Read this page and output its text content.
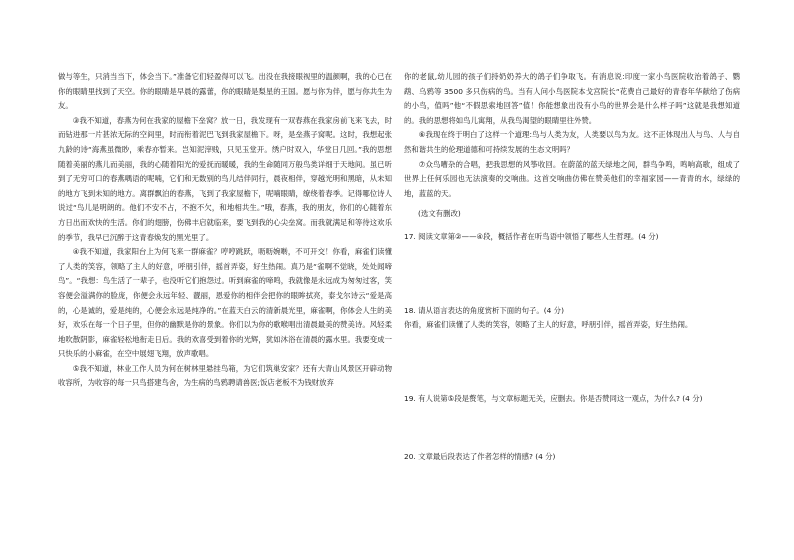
做与等生，只消当当下，体会当下。”准备它们轻盈得可以飞。出没在我接眼视里的温颜啊，我的心已在你的眼睛里找到了天空。你的眼睛是早晨的露蕾，你的眼睛是梨星的王国。愿与你为伴，愿与你共生为友。

③我不知道，春燕为何在我家的屋檐下垒窝？放一日，我发现有一双春燕在我家房前飞来飞去，时而钻进那一片甚浓无际的空间里，时而衔着泥巴飞到我家屋檐下。呀，是垒燕子窝呢。这时，我想起张九龄的诗“海燕虽微眇，乘春亦暂来。岂知泥滓贱，只见玉堂开。绣户时双入，华堂日几回。”我的思想随着美丽的燕儿而美丽，我的心随着阳光的爱抚而暖暖，我的生命随同万般鸟类详细于天地间。虽已听到了无穷可口的春燕喁语的呢喃，它们和无数别的鸟儿结伴同行，晨夜相伴，穿越光明和黑暗，从未知的地方飞到未知的地方。离群飘泊的春燕，飞到了我家屋檐下，呢喃眼睛，缭绕着春季。记得哪位诗人说过“鸟儿是明朗的。他们不安不占，不抱不欠，和地相共生。”哦，春燕，我的朋友，你们的心随着东方日出而欢快的生活。你们的翅膀，伤佛丰启就临来，要飞到我的心尖垒窝。而我就满足和等待这欢乐的季节，我早已沉醉于这青春焕发的黑光里了。

④我不知道，我家阳台上为何飞来一群麻雀？哼哼跳跃，呖呖婉啭，不可开交！你看，麻雀们读懂了人类的笑容，领略了主人的好意，呼朋引伴，摇首弄姿，好生热闹。真乃是“雀啊不觉晓，处处闻啼鸟”。“我想：鸟生活了一辈子，也没听它们抱怨过。听到麻雀的啼鸣，我就像是永远成为匆匆过客，笑容便会溢满你的脸庞，你便会永远年轻、靓丽，恩爱你的相伴会把你的眼眸拭亮，泰戈尔诗云“爱是高的，心是诚的，爱是纯的，心便会永远是纯净的。”在蓝天白云的清新晨光里，麻雀啊，你体会人生的美好，欢乐在每一个日子里，但你的幽默是你的景象。你们以为你的歌喉唱出清晨最美的赞美诗。风轻柔地吹散阴影，麻雀轻松地衔走日后。我的欢喜受到着你的光辉，犹如沐浴在清晨的露水里。我要变成一只快乐的小麻雀，在空中展翅飞翔，放声歌唱。

⑤我不知道，林业工作人员为何在树林里悬挂鸟箱，为它们筑巢安家？还有大青山风景区开辟动物收容所，为收容的每一只鸟搭建鸟舍，为生病的鸟鸦聘请兽医;饭店老板不为钱财放弃

你的老鼠,幼儿园的孩子们持奶奶养大的鸽子们争取飞。有消息说:印度一家小鸟医院收治着鸽子、鹦鹉、乌鸦等 3500 多只伤病的鸟。当有人问小鸟医院本戈宫院长“花费自己最好的青春年华献给了伤病的小鸟，值吗”他“不假思索地回答”值！你能想象出没有小鸟的世界会是什么样子吗”这就是我想知道的。我的思想将如鸟儿寓翔，从我鸟渴望的眼睛里往外赞。

⑥我现在终于明白了这样一个道理:鸟与人类为友，人类要以鸟为友。这不正体现出人与鸟、人与自然和谐共生的伦理道德和可持续发展的生态文明吗？

⑦众鸟嘈杂的合唱，把我思想的风筝收回。在蔚蓝的蓝天绿地之间，群鸟争鸣，鸣响高歌，组成了世界上任何乐园也无法演奏的交响曲。这首交响曲仿佛在赞美他们的幸福家园——青青的水，绿绿的地，蓝蓝的天。

(选文有删改)

17. 阅读文章第②——④段，概括作者在听鸟语中领悟了哪些人生哲理。(4 分)

18. 请从语言表达的角度赏析下面的句子。(4 分)

你看，麻雀们读懂了人类的笑容，领略了主人的好意，呼朋引伴，摇首弄姿，好生热闹。

19. 有人说第⑤段是赘笔，与文章标题无关，应删去。你是否赞同这一观点，为什么? (4 分)

20. 文章最后段表达了作者怎样的情感? (4 分)
